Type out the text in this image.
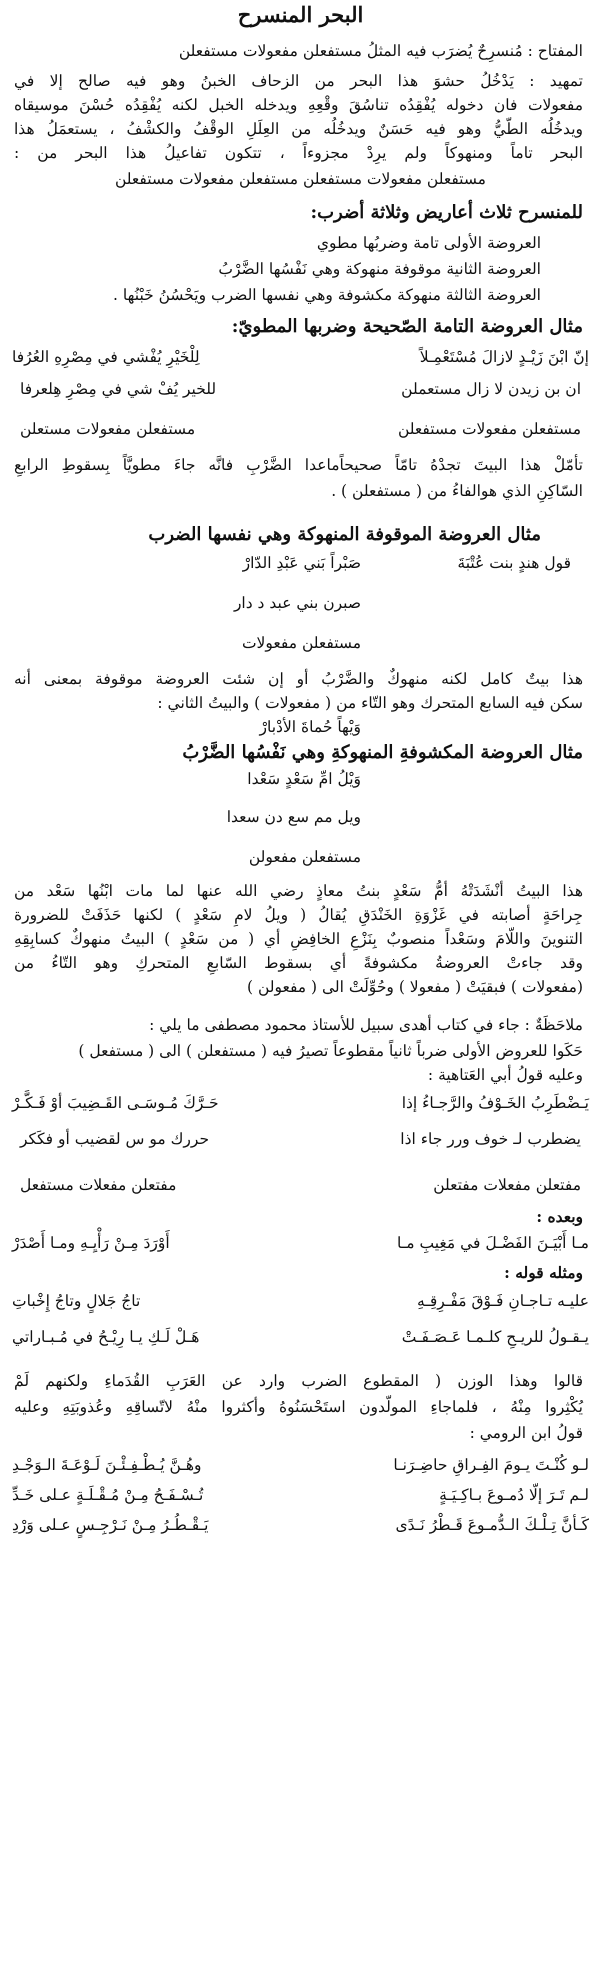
البحر المنسرح
المفتاح : مُنسرِحٌ يُضرَب فيه المثلُ مستفعلن مفعولات مستفعلن
تمهيد : يَدْخُلُ حشوَ هذا البحر من الزحاف الخبنُ وهو فيه صالح إلا في
مفعولات فان دخوله يُفْقِدُه تناسُقَ وقْعِهِ ويدخله الخبل لكنه يُفْقِدُه حُسْنَ موسيقاه
ويدخُلُه الطّيُّ وهو فيه حَسَنٌ ويدخُلُه من العِلَلِ الوقْفُ والكشْفُ ، يستعمَلُ هذا
البحر تاماً ومنهوكاً ولم يرِدْ مجزوءاً ، تتكون تفاعيلُ هذا البحر من :
مستفعلن مفعولات مستفعلن مستفعلن مفعولات مستفعلن
للمنسرح ثلاث أعاريض وثلاثة أضرب:
العروضة الأولى تامة وضربُها مطوي
العروضة الثانية موقوفة منهوكة وهي نَفْسُها الضَّرْبُ
العروضة الثالثة منهوكة مكشوفة وهي نفسها الضرب ويَحْسُنُ خَبْنُها .
مثال العروضة التامة الصّحيحة وضربها المطويّ:
إنّ ابْنَ زَيْـدٍ لازالَ مُسْتَعْمِـلاً
لِلْخَيْرِ يُفْشي في مِصْرِهِ العُرُفا
ان بن زيدن لا زال مستعملن
للخير يُفْ شي في مِصْرِ هِلعرفا
مستفعلن مفعولات مستفعلن
مستفعلن مفعولات مستعلن
تأمّلْ هذا البيتَ تجدْهُ تامّاً صحيحاًماعدا الضَّرْبِ فانَّه جاءَ مطويَّاً بِسقوطِ الرابعِ
السّاكِنِ الذي هوالفاءُ من ( مستفعلن ) .
مثال العروضة الموقوفة المنهوكة وهي نفسها الضرب
قول هندٍ بنت عُتْبَةَ
صَبْراً بَني عَبْدِ الدّارْ
صبرن بني عبد د دار
مستفعلن مفعولات
هذا بيتٌ كامل لكنه منهوكٌ والضَّرْبُ أو إن شئت العروضة موقوفة بمعنى أنه
سكن فيه السابع المتحرك وهو التّاء من ( مفعولات ) والبيتُ الثاني :
وَيْهاً حُماةَ الأدْبارْ
مثال العروضة المكشوفةِ المنهوكةِ وهي نَفْسُها الضَّرْبُ
وَيْلُ امِّ سَعْدٍ سَعْدا
ويل مم سع دن سعدا
مستفعلن مفعولن
هذا البيتُ أنْشَدَتْهُ أمُّ سَعْدٍ بنتُ معاذٍ رضي الله عنها لما مات ابْنُها سَعْد من
جِراحَةٍ أصابته في غَزْوَةِ الخَنْدَقِ يُقالُ ( ويلُ لامِ سَعْدٍ ) لكنها حَذَفَتْ للضرورة
التنوينَ واللّامَ وسَعْداً منصوبٌ بِنَزْعِ الخافِضِ أي ( من سَعْدٍ ) البيتُ منهوكٌ كسابِقِهِ
وقد جاءتْ العروضةُ مكشوفةً أي بسقوط السّابعِ المتحركِ وهو التّاءُ من
(مفعولات ) فبقيَتْ ( مفعولا ) وحُوِّلَتْ الى ( مفعولن )
ملاحَظَةٌ : جاء في كتاب أهدى سبيل للأستاذ محمود مصطفى ما يلي :
حَكَوا للعروض الأولى ضرباً ثانياً مقطوعاً تصيرُ فيه ( مستفعلن ) الى ( مستفعل )
وعليه قولُ أبي العَتاهية :
يَـضْطَرِبُ الخَـوْفُ والرَّجـاءُ إذا
حَـرَّكَ مُـوسَـى القَـضِيبَ أوْ فَـكَّـرْ
يضطرب لـ خوف ورر جاء اذا
حررك مو س لقضيب أو فكَكر
مفتعلن مفعلات مفتعلن
مفتعلن مفعلات مستفعل
وبعده :
مـا أَبْيَـنَ الفَضْـلَ في مَغِيبِ مـا
أَوْرَدَ مِـنْ رَأْيِـهِ ومـا أَصْدَرْ
ومثله قوله :
عليـه تـاجـانِ فَـوْقَ مَفْـرِقِـهِ
تاجُ جَلالٍ وتاجُ إِخْباتِ
يـقـولُ للريـحِ كلـمـا عَـصَـفَـتْ
هَـلْ لَـكِ يـا رِيْـحُ في مُـبـاراتي
قالوا وهذا الوزن ( المقطوع الضرب وارد عن العَرَبِ القُدَماءِ ولكنهم لَمْ
يُكْثِروا مِنْهُ ، فلماجاءِ المولّدون استَحْسَنُوهُ وأكثروا منْهُ لاتّساقِهِ وعُذوبَتِهِ وعليه
قولُ ابن الرومي :
لـو كُنْـتَ يـومَ الفِـراقِ حاضِـرَنـا
وهُـنَّ يُـطْـفِـئْـنَ لَـوْعَـةَ الـوَجْـدِ
لـم تَـرَ إلّا دُمـوعَ بـاكِـيَـةٍ
تُـسْـفَـحُ مِـنْ مُـقْـلَـةٍ عـلى خَـدِّ
كَـأنَّ تِـلْـكَ الـدُّمـوعَ قَـطْرُ نَـدًى
يَـقْـطُـرُ مِـنْ نَـرْجِـسٍ عـلى وَرْدِ
